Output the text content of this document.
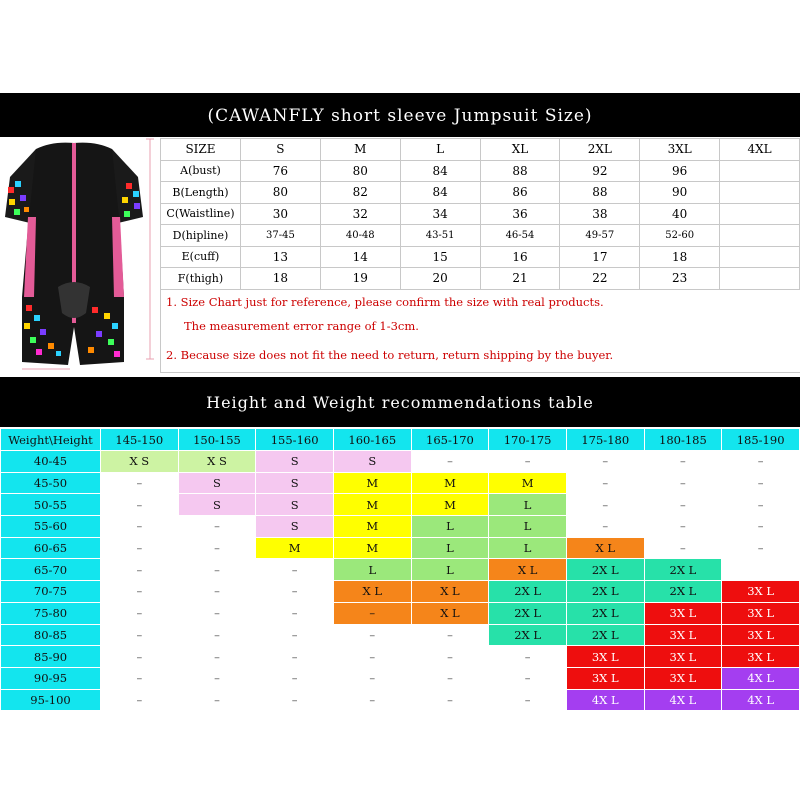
(CAWANFLY short sleeve Jumpsuit Size)
SIZE	S	M	L	XL	2XL	3XL	4XL
A(bust)	76	80	84	88	92	96	
B(Length)	80	82	84	86	88	90	
C(Waistline)	30	32	34	36	38	40	
D(hipline)	37-45	40-48	43-51	46-54	49-57	52-60	
E(cuff)	13	14	15	16	17	18	
F(thigh)	18	19	20	21	22	23	
1. Size Chart just for reference, please confirm the size with real products.							
The measurement error range of 1-3cm.							
2. Because size does not fit the need to return, return shipping by the buyer.							
Height and Weight recommendations table
Weight\Height	145-150	150-155	155-160	160-165	165-170	170-175	175-180	180-185	185-190
40-45	X S	X S	S	S	–	–	–	–	–
45-50	–	S	S	M	M	M	–	–	–
50-55	–	S	S	M	M	L	–	–	–
55-60	–	–	S	M	L	L	–	–	–
60-65	–	–	M	M	L	L	X L	–	–
65-70	–	–	–	L	L	X L	2X L	2X L	
70-75	–	–	–	X L	X L	2X L	2X L	2X L	3X L
75-80	–	–	–	–	X L	2X L	2X L	3X L	3X L
80-85	–	–	–	–	–	2X L	2X L	3X L	3X L
85-90	–	–	–	–	–	–	3X L	3X L	3X L
90-95	–	–	–	–	–	–	3X L	3X L	4X L
95-100	–	–	–	–	–	–	4X L	4X L	4X L
